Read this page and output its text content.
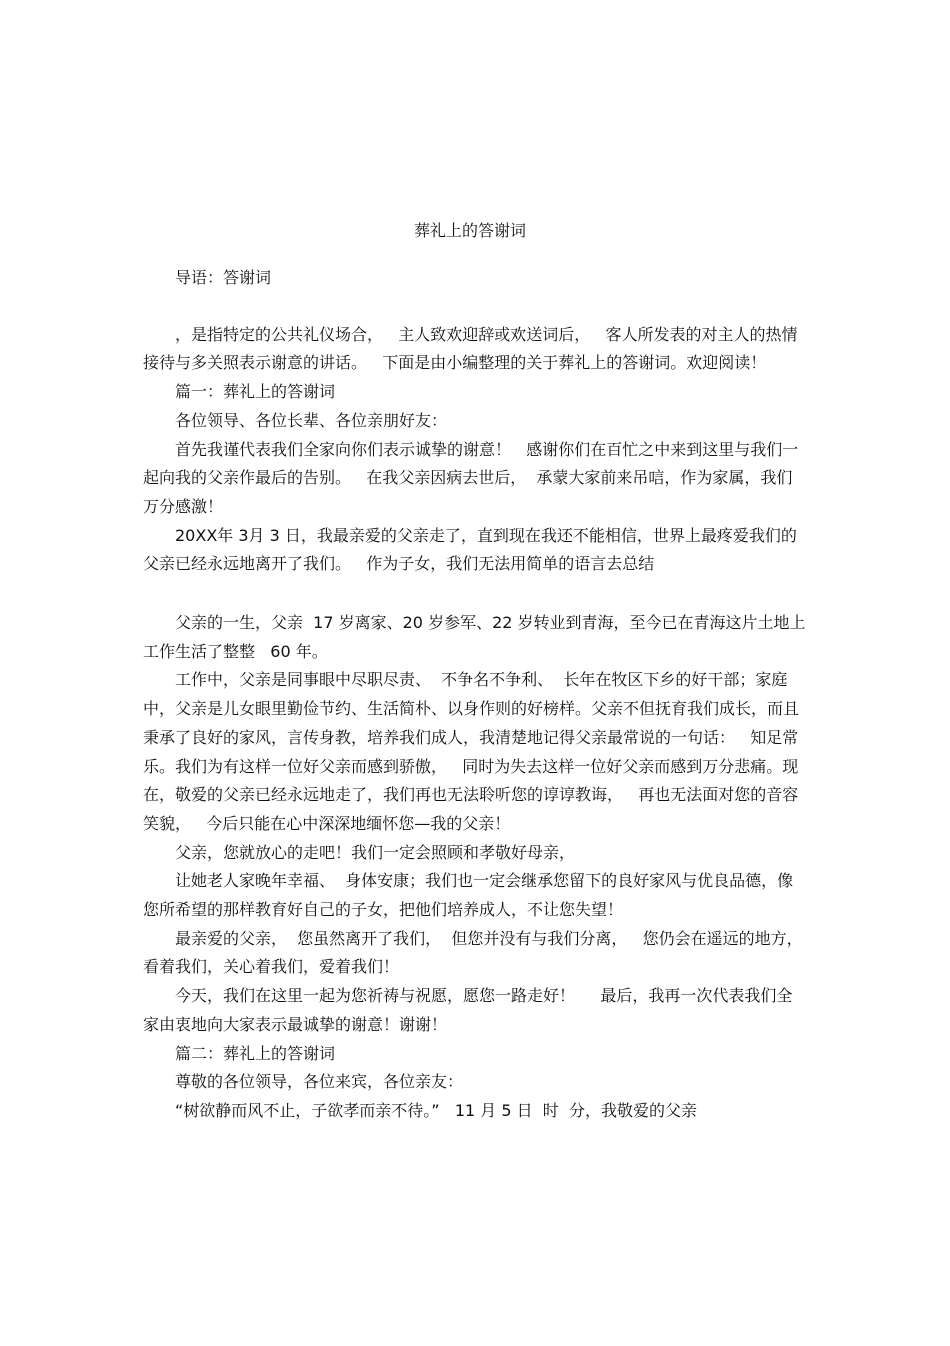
葬礼上的答谢词

导语：答谢词

，是指特定的公共礼仪场合，   主人致欢迎辞或欢送词后，   客人所发表的对主人的热情接待与多关照表示谢意的讲话。   下面是由小编整理的关于葬礼上的答谢词。欢迎阅读！

篇一：葬礼上的答谢词

各位领导、各位长辈、各位亲朋好友：

首先我谨代表我们全家向你们表示诚挚的谢意！   感谢你们在百忙之中来到这里与我们一起向我的父亲作最后的告别。   在我父亲因病去世后，  承蒙大家前来吊唁，作为家属，我们万分感激！

20XX年 3月 3 日，我最亲爱的父亲走了，直到现在我还不能相信，世界上最疼爱我们的父亲已经永远地离开了我们。   作为子女，我们无法用简单的语言去总结

父亲的一生，父亲  17 岁离家、20 岁参军、22 岁转业到青海，至今已在青海这片土地上工作生活了整整   60 年。

工作中，父亲是同事眼中尽职尽责、  不争名不争利、  长年在牧区下乡的好干部；家庭中，父亲是儿女眼里勤俭节约、生活简朴、以身作则的好榜样。父亲不但抚育我们成长，而且秉承了良好的家风，言传身教，培养我们成人，我清楚地记得父亲最常说的一句话：   知足常乐。我们为有这样一位好父亲而感到骄傲，   同时为失去这样一位好父亲而感到万分悲痛。现在，敬爱的父亲已经永远地走了，我们再也无法聆听您的谆谆教诲，   再也无法面对您的音容笑貌，   今后只能在心中深深地缅怀您—我的父亲！

父亲，您就放心的走吧！我们一定会照顾和孝敬好母亲，

让她老人家晚年幸福、  身体安康；我们也一定会继承您留下的良好家风与优良品德，像您所希望的那样教育好自己的子女，把他们培养成人，不让您失望！

最亲爱的父亲，  您虽然离开了我们，  但您并没有与我们分离，   您仍会在遥远的地方，看着我们，关心着我们，爱着我们！

今天，我们在这里一起为您祈祷与祝愿，愿您一路走好！     最后，我再一次代表我们全家由衷地向大家表示最诚挚的谢意！谢谢！

篇二：葬礼上的答谢词

尊敬的各位领导，各位来宾，各位亲友：

“树欲静而风不止，子欲孝而亲不待。”   11 月 5 日  时  分，我敬爱的父亲
